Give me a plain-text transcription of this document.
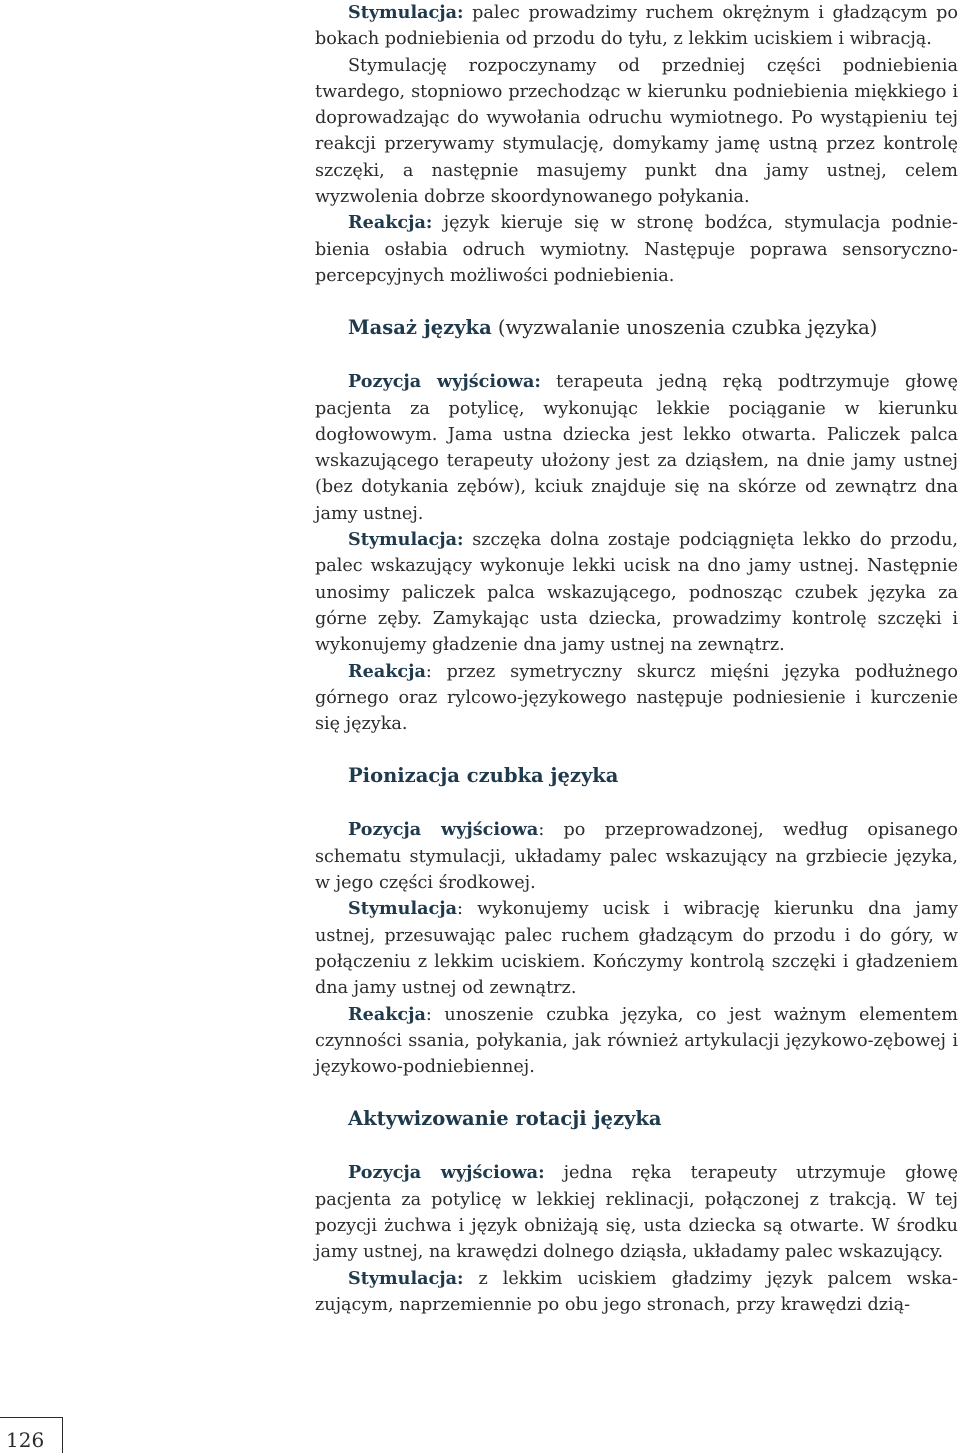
Stymulacja: palec prowadzimy ruchem okrężnym i gładzącym po bokach podniebienia od przodu do tyłu, z lekkim uciskiem i wibracją.

Stymulację rozpoczynamy od przedniej części podniebienia twardego, stopniowo przechodząc w kierunku podniebienia miękkiego i doprowadzając do wywołania odruchu wymiotnego. Po wystąpieniu tej reakcji przerywamy stymulację, domykamy jamę ustną przez kontrolę szczęki, a następnie masujemy punkt dna jamy ustnej, celem wyzwolenia dobrze skoordynowanego połykania.

Reakcja: język kieruje się w stronę bodźca, stymulacja podniebienia osłabia odruch wymiotny. Następuje poprawa sensoryczno-percepcyjnych możliwości podniebienia.

Masaż języka (wyzwalanie unoszenia czubka języka)

Pozycja wyjściowa: terapeuta jedną ręką podtrzymuje głowę pacjenta za potylicę, wykonując lekkie pociąganie w kierunku dogłowowym. Jama ustna dziecka jest lekko otwarta. Paliczek palca wskazującego terapeuty ułożony jest za dziąsłem, na dnie jamy ustnej (bez dotykania zębów), kciuk znajduje się na skórze od zewnątrz dna jamy ustnej.

Stymulacja: szczęka dolna zostaje podciągnięta lekko do przodu, palec wskazujący wykonuje lekki ucisk na dno jamy ustnej. Następnie unosimy paliczek palca wskazującego, podnosząc czubek języka za górne zęby. Zamykając usta dziecka, prowadzimy kontrolę szczęki i wykonujemy gładzenie dna jamy ustnej na zewnątrz.

Reakcja: przez symetryczny skurcz mięśni języka podłużnego górnego oraz rylcowo-językowego następuje podniesienie i kurczenie się języka.

Pionizacja czubka języka

Pozycja wyjściowa: po przeprowadzonej, według opisanego schematu stymulacji, układamy palec wskazujący na grzbiecie języka, w jego części środkowej.

Stymulacja: wykonujemy ucisk i wibrację kierunku dna jamy ustnej, przesuwając palec ruchem gładzącym do przodu i do góry, w połączeniu z lekkim uciskiem. Kończymy kontrolą szczęki i gładzeniem dna jamy ustnej od zewnątrz.

Reakcja: unoszenie czubka języka, co jest ważnym elementem czynności ssania, połykania, jak również artykulacji językowo-zębowej i językowo-podniebiennej.

Aktywizowanie rotacji języka

Pozycja wyjściowa: jedna ręka terapeuty utrzymuje głowę pacjenta za potylicę w lekkiej reklinacji, połączonej z trakcją. W tej pozycji żuchwa i język obniżają się, usta dziecka są otwarte. W środku jamy ustnej, na krawędzi dolnego dziąsła, układamy palec wskazujący.

Stymulacja: z lekkim uciskiem gładzimy język palcem wskazującym, naprzemiennie po obu jego stronach, przy krawędzi dzią-

126
